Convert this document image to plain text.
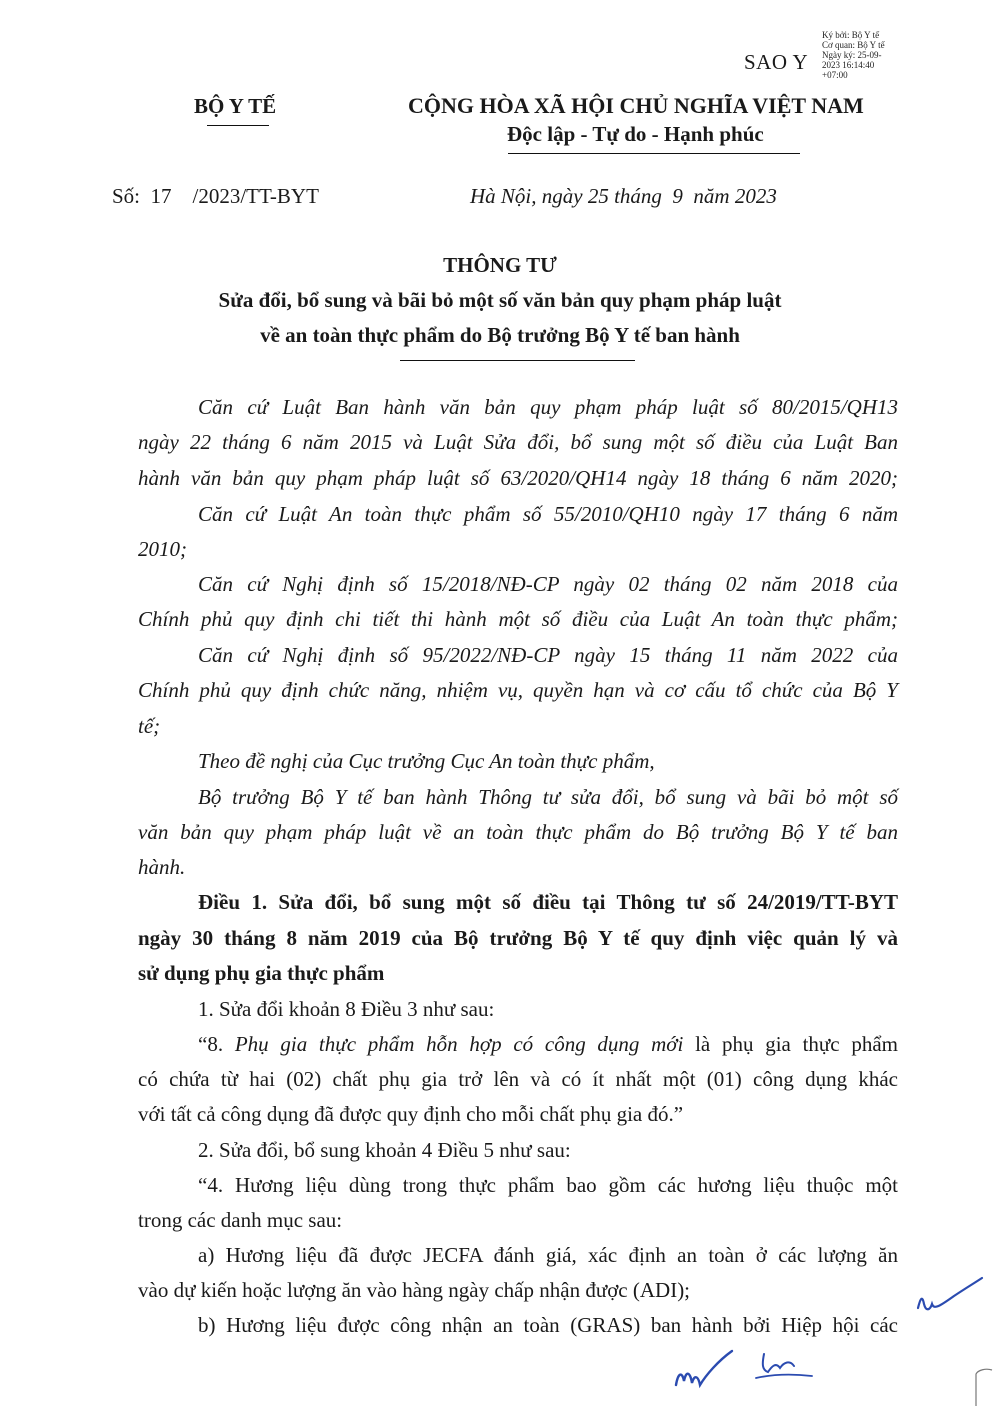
Ký bởi: Bộ Y tế
Cơ quan: Bộ Y tế
Ngày ký: 25-09-
2023 16:14:40
+07:00
SAO Y
BỘ Y TẾ	CỘNG HÒA XÃ HỘI CHỦ NGHĨA VIỆT NAM
Độc lập - Tự do - Hạnh phúc
Số:  17    /2023/TT-BYT	Hà Nội, ngày 25 tháng  9  năm 2023
THÔNG TƯ
Sửa đổi, bổ sung và bãi bỏ một số văn bản quy phạm pháp luật
về an toàn thực phẩm do Bộ trưởng Bộ Y tế ban hành
Căn cứ Luật Ban hành văn bản quy phạm pháp luật số 80/2015/QH13
ngày 22 tháng 6 năm 2015 và Luật Sửa đổi, bổ sung một số điều của Luật Ban
hành văn bản quy phạm pháp luật số 63/2020/QH14 ngày 18 tháng 6 năm 2020;
Căn cứ Luật An toàn thực phẩm số 55/2010/QH10 ngày 17 tháng 6 năm
2010;
Căn cứ Nghị định số 15/2018/NĐ-CP ngày 02 tháng 02 năm 2018 của
Chính phủ quy định chi tiết thi hành một số điều của Luật An toàn thực phẩm;
Căn cứ Nghị định số 95/2022/NĐ-CP ngày 15 tháng 11 năm 2022 của
Chính phủ quy định chức năng, nhiệm vụ, quyền hạn và cơ cấu tổ chức của Bộ Y
tế;
Theo đề nghị của Cục trưởng Cục An toàn thực phẩm,
Bộ trưởng Bộ Y tế ban hành Thông tư sửa đổi, bổ sung và bãi bỏ một số
văn bản quy phạm pháp luật về an toàn thực phẩm do Bộ trưởng Bộ Y tế ban
hành.
Điều 1. Sửa đổi, bổ sung một số điều tại Thông tư số 24/2019/TT-BYT
ngày 30 tháng 8 năm 2019 của Bộ trưởng Bộ Y tế quy định việc quản lý và
sử dụng phụ gia thực phẩm
1. Sửa đổi khoản 8 Điều 3 như sau:
“8. Phụ gia thực phẩm hỗn hợp có công dụng mới là phụ gia thực phẩm
có chứa từ hai (02) chất phụ gia trở lên và có ít nhất một (01) công dụng khác
với tất cả công dụng đã được quy định cho mỗi chất phụ gia đó.”
2. Sửa đổi, bổ sung khoản 4 Điều 5 như sau:
“4. Hương liệu dùng trong thực phẩm bao gồm các hương liệu thuộc một
trong các danh mục sau:
a) Hương liệu đã được JECFA đánh giá, xác định an toàn ở các lượng ăn
vào dự kiến hoặc lượng ăn vào hàng ngày chấp nhận được (ADI);
b) Hương liệu được công nhận an toàn (GRAS) ban hành bởi Hiệp hội các
